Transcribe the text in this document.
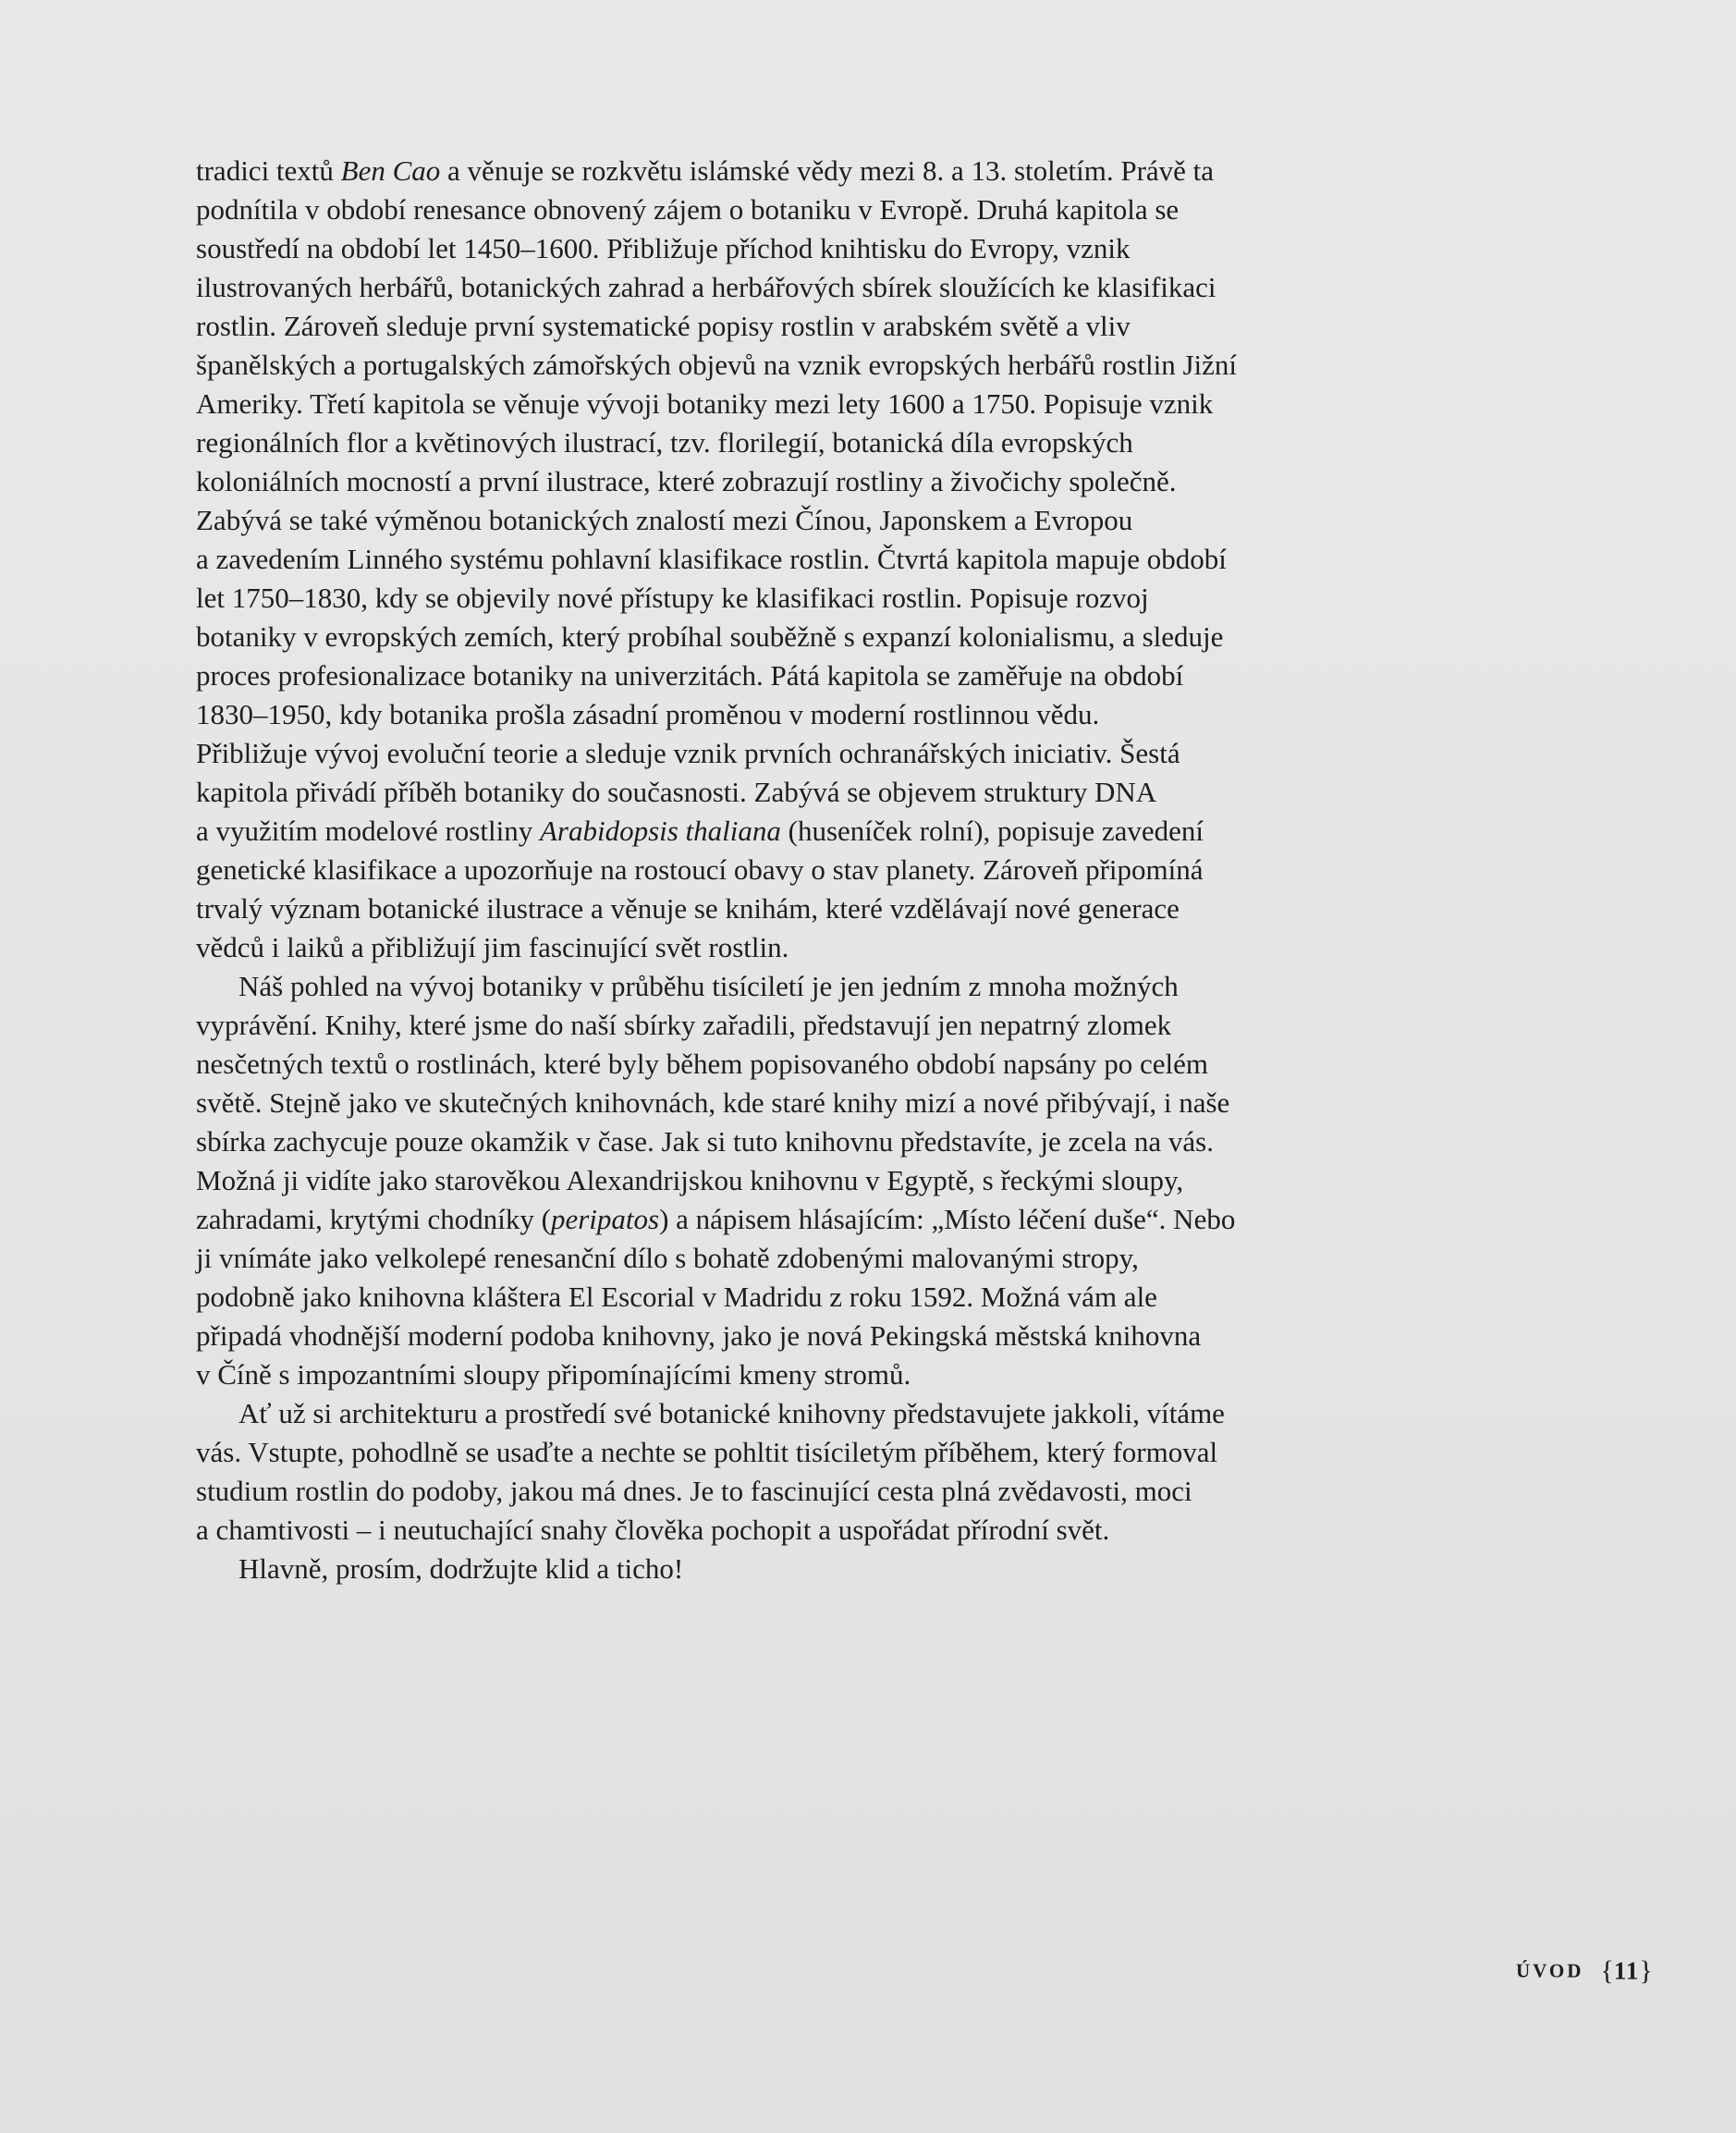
tradici textů Ben Cao a věnuje se rozkvětu islámské vědy mezi 8. a 13. stoletím. Právě ta
podnítila v období renesance obnovený zájem o botaniku v Evropě. Druhá kapitola se
soustředí na období let 1450–1600. Přibližuje příchod knihtisku do Evropy, vznik
ilustrovaných herbářů, botanických zahrad a herbářových sbírek sloužících ke klasifikaci
rostlin. Zároveň sleduje první systematické popisy rostlin v arabském světě a vliv
španělských a portugalských zámořských objevů na vznik evropských herbářů rostlin Jižní
Ameriky. Třetí kapitola se věnuje vývoji botaniky mezi lety 1600 a 1750. Popisuje vznik
regionálních flor a květinových ilustrací, tzv. florilegií, botanická díla evropských
koloniálních mocností a první ilustrace, které zobrazují rostliny a živočichy společně.
Zabývá se také výměnou botanických znalostí mezi Čínou, Japonskem a Evropou
a zavedením Linného systému pohlavní klasifikace rostlin. Čtvrtá kapitola mapuje období
let 1750–1830, kdy se objevily nové přístupy ke klasifikaci rostlin. Popisuje rozvoj
botaniky v evropských zemích, který probíhal souběžně s expanzí kolonialismu, a sleduje
proces profesionalizace botaniky na univerzitách. Pátá kapitola se zaměřuje na období
1830–1950, kdy botanika prošla zásadní proměnou v moderní rostlinnou vědu.
Přibližuje vývoj evoluční teorie a sleduje vznik prvních ochranářských iniciativ. Šestá
kapitola přivádí příběh botaniky do současnosti. Zabývá se objevem struktury DNA
a využitím modelové rostliny Arabidopsis thaliana (huseníček rolní), popisuje zavedení
genetické klasifikace a upozorňuje na rostoucí obavy o stav planety. Zároveň připomíná
trvalý význam botanické ilustrace a věnuje se knihám, které vzdělávají nové generace
vědců i laiků a přibližují jim fascinující svět rostlin.

Náš pohled na vývoj botaniky v průběhu tisíciletí je jen jedním z mnoha možných
vyprávění. Knihy, které jsme do naší sbírky zařadili, představují jen nepatrný zlomek
nesčetných textů o rostlinách, které byly během popisovaného období napsány po celém
světě. Stejně jako ve skutečných knihovnách, kde staré knihy mizí a nové přibývají, i naše
sbírka zachycuje pouze okamžik v čase. Jak si tuto knihovnu představíte, je zcela na vás.
Možná ji vidíte jako starověkou Alexandrijskou knihovnu v Egyptě, s řeckými sloupy,
zahradami, krytými chodníky (peripatos) a nápisem hlásajícím: „Místo léčení duše“. Nebo
ji vnímáte jako velkolepé renesanční dílo s bohatě zdobenými malovanými stropy,
podobně jako knihovna kláštera El Escorial v Madridu z roku 1592. Možná vám ale
připadá vhodnější moderní podoba knihovny, jako je nová Pekingská městská knihovna
v Číně s impozantními sloupy připomínajícími kmeny stromů.

Ať už si architekturu a prostředí své botanické knihovny představujete jakkoli, vítáme
vás. Vstupte, pohodlně se usaďte a nechte se pohltit tisíciletým příběhem, který formoval
studium rostlin do podoby, jakou má dnes. Je to fascinující cesta plná zvědavosti, moci
a chamtivosti – i neutuchající snahy člověka pochopit a uspořádat přírodní svět.

Hlavně, prosím, dodržujte klid a ticho!

ÚVOD {11}
